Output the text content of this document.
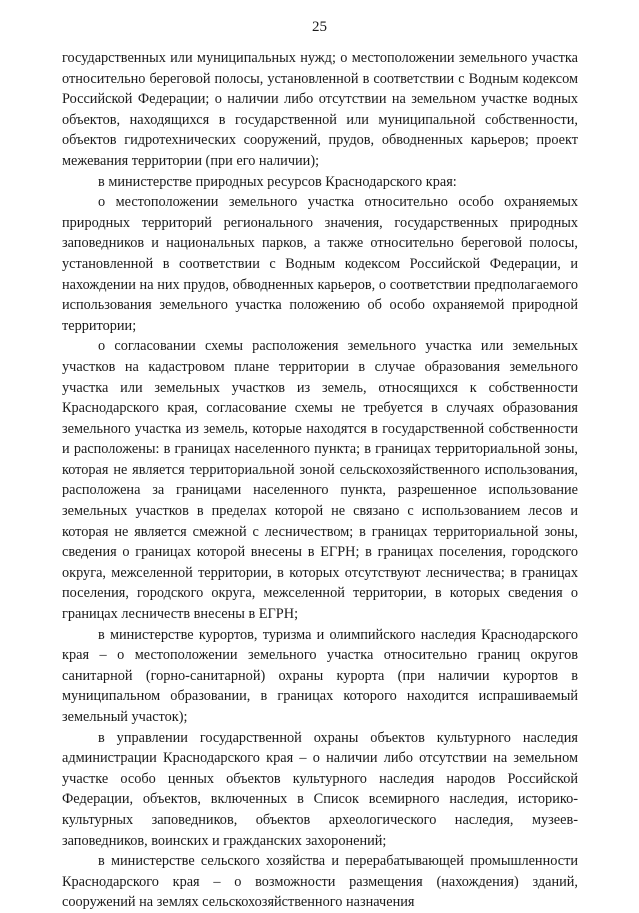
25

государственных или муниципальных нужд; о местоположении земельного участка относительно береговой полосы, установленной в соответствии с Водным кодексом Российской Федерации; о наличии либо отсутствии на земельном участке водных объектов, находящихся в государственной или муниципальной собственности, объектов гидротехнических сооружений, прудов, обводненных карьеров; проект межевания территории (при его наличии);

в министерстве природных ресурсов Краснодарского края:

о местоположении земельного участка относительно особо охраняемых природных территорий регионального значения, государственных природных заповедников и национальных парков, а также относительно береговой полосы, установленной в соответствии с Водным кодексом Российской Федерации, и нахождении на них прудов, обводненных карьеров, о соответствии предполагаемого использования земельного участка положению об особо охраняемой природной территории;

о согласовании схемы расположения земельного участка или земельных участков на кадастровом плане территории в случае образования земельного участка или земельных участков из земель, относящихся к собственности Краснодарского края, согласование схемы не требуется в случаях образования земельного участка из земель, которые находятся в государственной собственности и расположены: в границах населенного пункта; в границах территориальной зоны, которая не является территориальной зоной сельскохозяйственного использования, расположена за границами населенного пункта, разрешенное использование земельных участков в пределах которой не связано с использованием лесов и которая не является смежной с лесничеством; в границах территориальной зоны, сведения о границах которой внесены в ЕГРН; в границах поселения, городского округа, межселенной территории, в которых отсутствуют лесничества; в границах поселения, городского округа, межселенной территории, в которых сведения о границах лесничеств внесены в ЕГРН;

в министерстве курортов, туризма и олимпийского наследия Краснодарского края – о местоположении земельного участка относительно границ округов санитарной (горно-санитарной) охраны курорта (при наличии курортов в муниципальном образовании, в границах которого находится испрашиваемый земельный участок);

в управлении государственной охраны объектов культурного наследия администрации Краснодарского края – о наличии либо отсутствии на земельном участке особо ценных объектов культурного наследия народов Российской Федерации, объектов, включенных в Список всемирного наследия, историко-культурных заповедников, объектов археологического наследия, музеев-заповедников, воинских и гражданских захоронений;

в министерстве сельского хозяйства и перерабатывающей промышленности Краснодарского края – о возможности размещения (нахождения) зданий, сооружений на землях сельскохозяйственного назначения
